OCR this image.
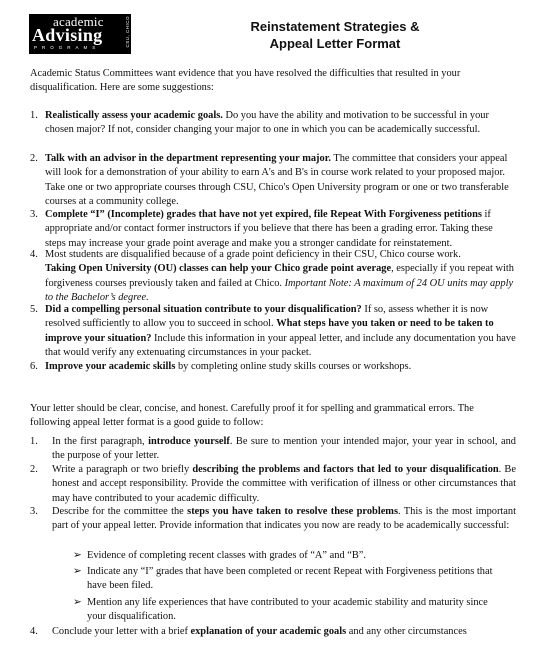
academic
Advising
PROGRAMS	CSU, CHICO	Reinstatement Strategies &
Appeal Letter Format

Academic Status Committees want evidence that you have resolved the difficulties that resulted in your
disqualification. Here are some suggestions:

1. Realistically assess your academic goals. Do you have the ability and motivation to be successful in your chosen major? If not, consider changing your major to one in which you can be academically successful.
2. Talk with an advisor in the department representing your major. The committee that considers your appeal will look for a demonstration of your ability to earn A's and B's in course work related to your proposed major. Take one or two appropriate courses through CSU, Chico's Open University program or one or two transferable courses at a community college.
3. Complete “I” (Incomplete) grades that have not yet expired, file Repeat With Forgiveness petitions if appropriate and/or contact former instructors if you believe that there has been a grading error. Taking these steps may increase your grade point average and make you a stronger candidate for reinstatement.
4. Most students are disqualified because of a grade point deficiency in their CSU, Chico course work.
Taking Open University (OU) classes can help your Chico grade point average, especially if you repeat with forgiveness courses previously taken and failed at Chico. Important Note: A maximum of 24 OU units may apply to the Bachelor’s degree.
5. Did a compelling personal situation contribute to your disqualification? If so, assess whether it is now resolved sufficiently to allow you to succeed in school. What steps have you taken or need to be taken to improve your situation? Include this information in your appeal letter, and include any documentation you have that would verify any extenuating circumstances in your packet.
6. Improve your academic skills by completing online study skills courses or workshops.

Your letter should be clear, concise, and honest. Carefully proof it for spelling and grammatical errors. The
following appeal letter format is a good guide to follow:

1. In the first paragraph, introduce yourself. Be sure to mention your intended major, your year in school, and the purpose of your letter.
2. Write a paragraph or two briefly describing the problems and factors that led to your disqualification. Be honest and accept responsibility. Provide the committee with verification of illness or other circumstances that may have contributed to your academic difficulty.
3. Describe for the committee the steps you have taken to resolve these problems. This is the most important part of your appeal letter. Provide information that indicates you now are ready to be academically successful:
➢ Evidence of completing recent classes with grades of “A” and “B”.
➢ Indicate any “I” grades that have been completed or recent Repeat with Forgiveness petitions that have been filed.
➢ Mention any life experiences that have contributed to your academic stability and maturity since your disqualification.
4. Conclude your letter with a brief explanation of your academic goals and any other circumstances
